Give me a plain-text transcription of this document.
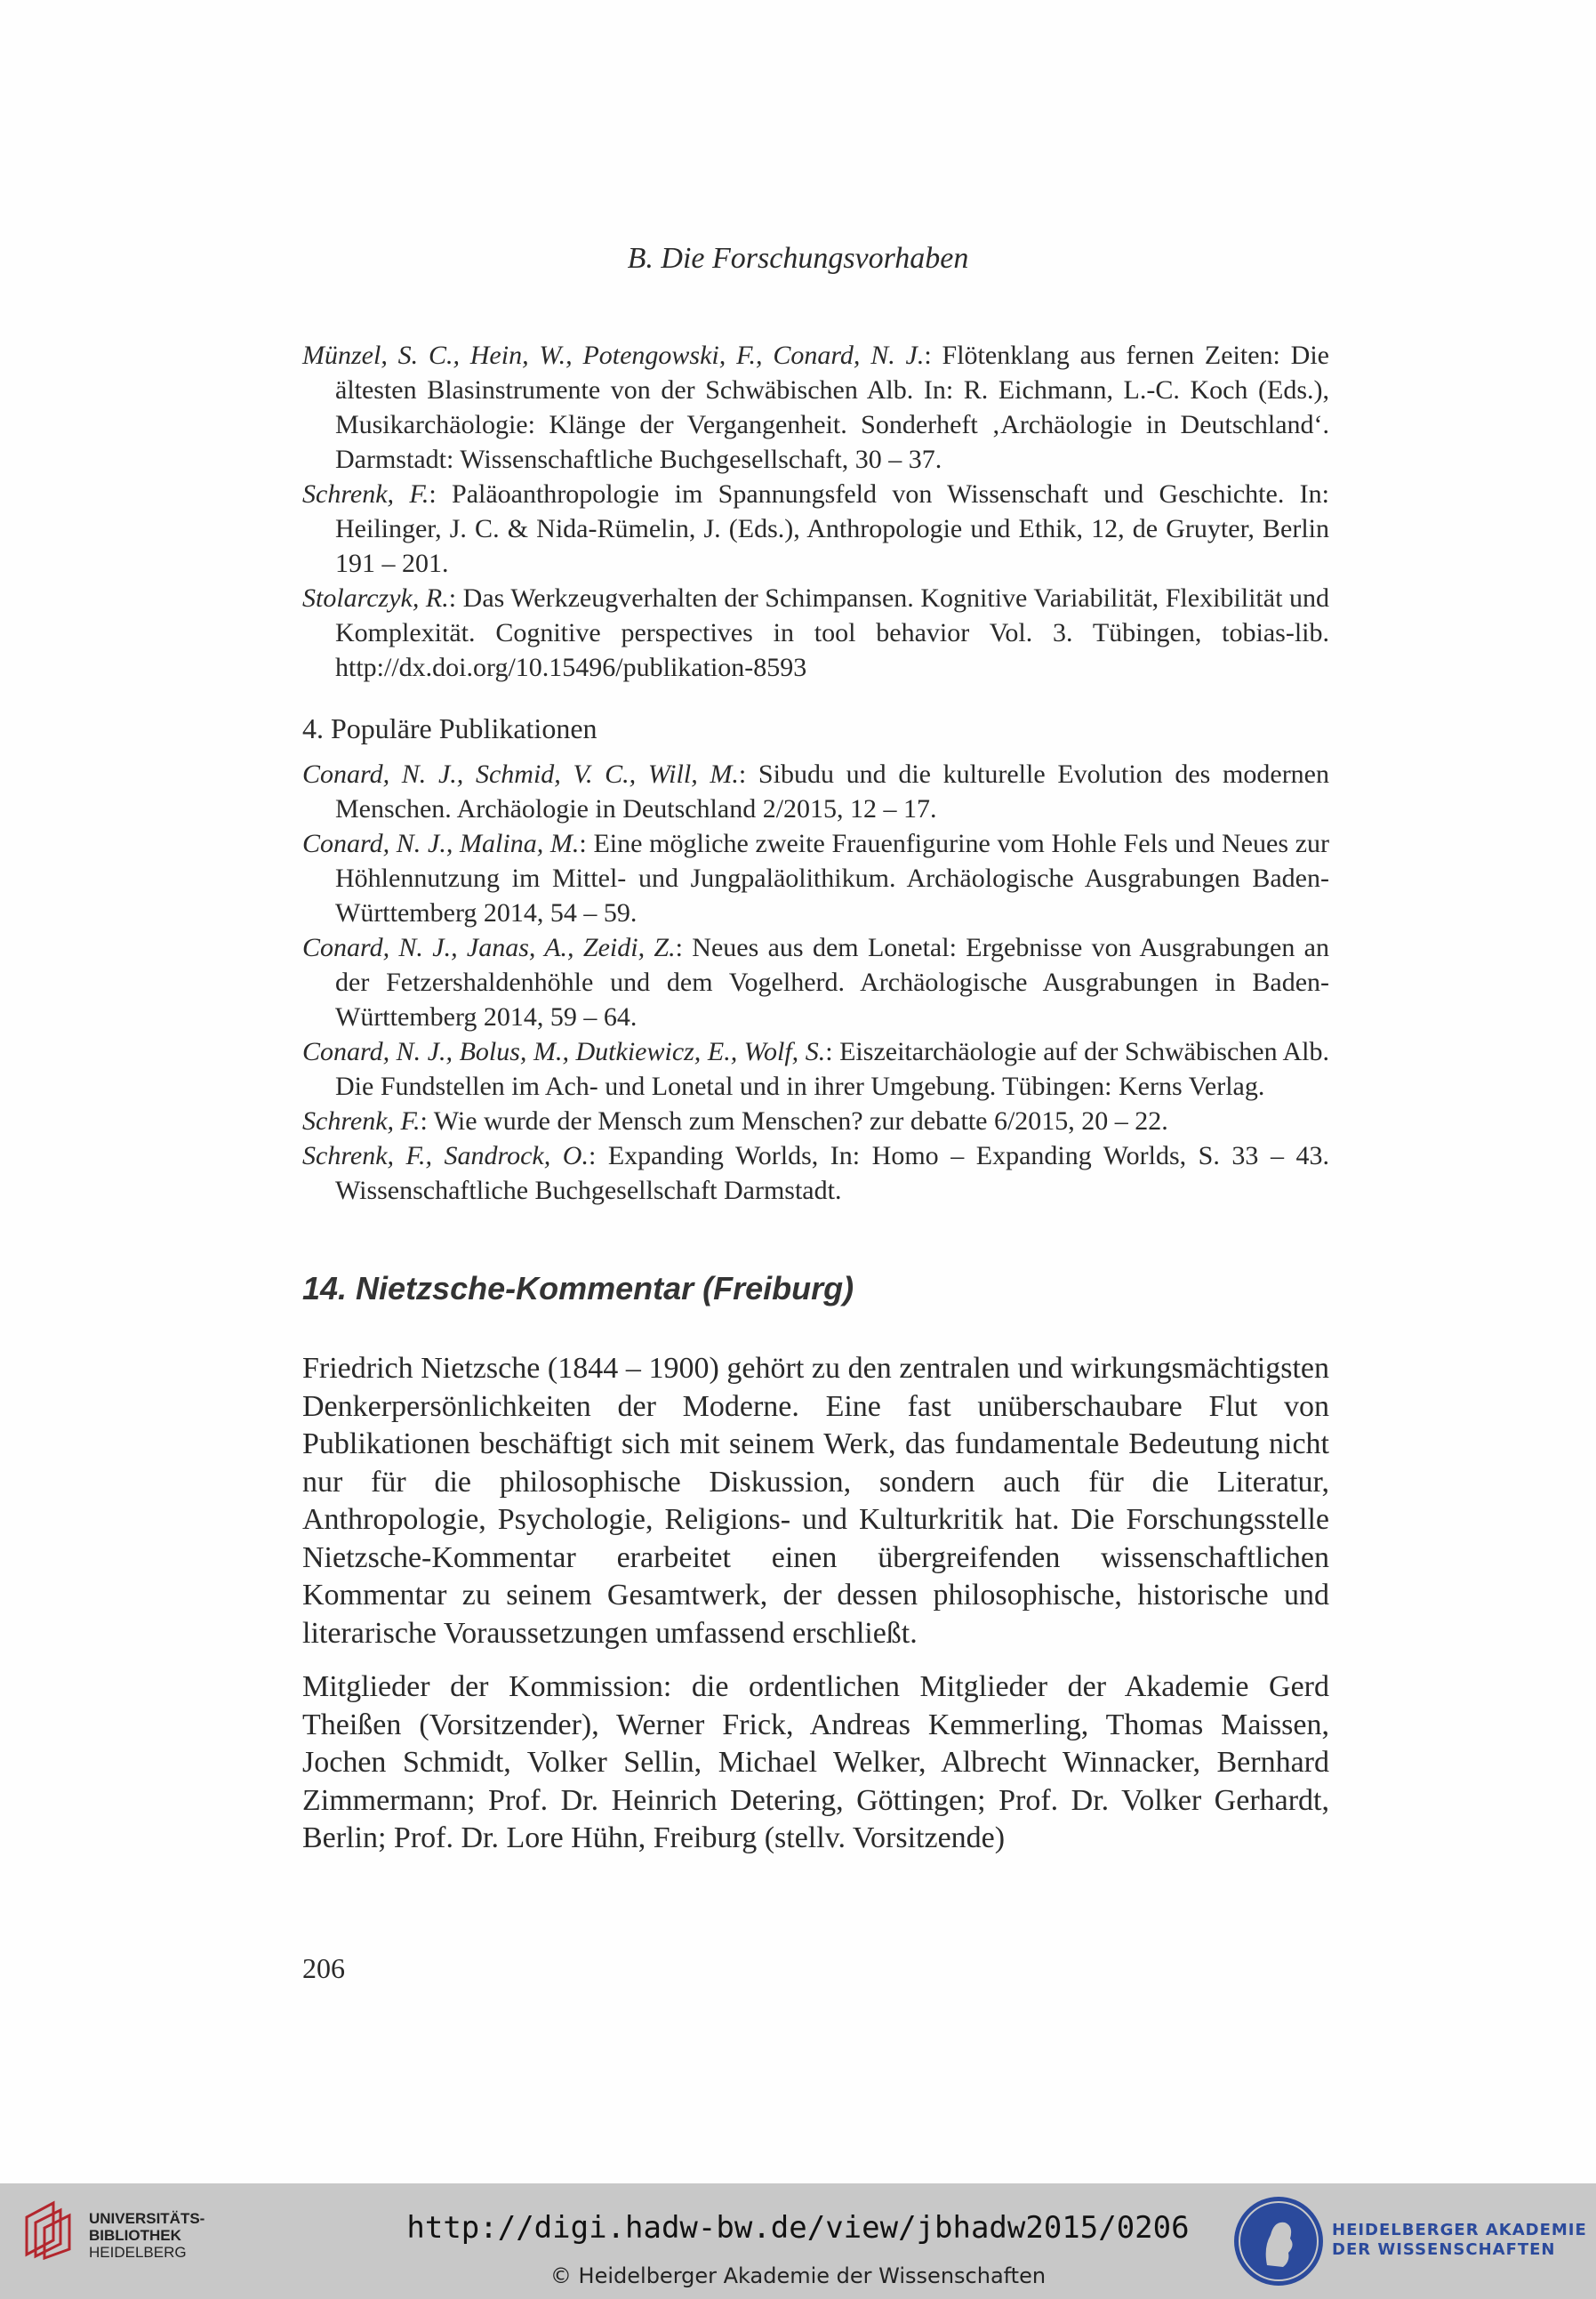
B. Die Forschungsvorhaben

Münzel, S. C., Hein, W., Potengowski, F., Conard, N. J.: Flötenklang aus fernen Zeiten: Die ältesten Blasinstrumente von der Schwäbischen Alb. In: R. Eichmann, L.-C. Koch (Eds.), Musikarchäologie: Klänge der Vergangenheit. Sonderheft ‚Archäologie in Deutschland‘. Darmstadt: Wissenschaftliche Buchgesellschaft, 30 – 37.

Schrenk, F.: Paläoanthropologie im Spannungsfeld von Wissenschaft und Geschichte. In: Heilinger, J. C. & Nida-Rümelin, J. (Eds.), Anthropologie und Ethik, 12, de Gruyter, Berlin 191 – 201.

Stolarczyk, R.: Das Werkzeugverhalten der Schimpansen. Kognitive Variabilität, Flexibilität und Komplexität. Cognitive perspectives in tool behavior Vol. 3. Tübingen, tobias-lib. http://dx.doi.org/10.15496/publikation-8593

4. Populäre Publikationen

Conard, N. J., Schmid, V. C., Will, M.: Sibudu und die kulturelle Evolution des modernen Menschen. Archäologie in Deutschland 2/2015, 12 – 17.

Conard, N. J., Malina, M.: Eine mögliche zweite Frauenfigurine vom Hohle Fels und Neues zur Höhlennutzung im Mittel- und Jungpaläolithikum. Archäologische Ausgrabungen Baden-Württemberg 2014, 54 – 59.

Conard, N. J., Janas, A., Zeidi, Z.: Neues aus dem Lonetal: Ergebnisse von Ausgrabungen an der Fetzershaldenhöhle und dem Vogelherd. Archäologische Ausgrabungen in Baden-Württemberg 2014, 59 – 64.

Conard, N. J., Bolus, M., Dutkiewicz, E., Wolf, S.: Eiszeitarchäologie auf der Schwäbischen Alb. Die Fundstellen im Ach- und Lonetal und in ihrer Umgebung. Tübingen: Kerns Verlag.

Schrenk, F.: Wie wurde der Mensch zum Menschen? zur debatte 6/2015, 20 – 22.

Schrenk, F., Sandrock, O.: Expanding Worlds, In: Homo – Expanding Worlds, S. 33 – 43. Wissenschaftliche Buchgesellschaft Darmstadt.

14. Nietzsche-Kommentar (Freiburg)

Friedrich Nietzsche (1844 – 1900) gehört zu den zentralen und wirkungsmächtigsten Denkerpersönlichkeiten der Moderne. Eine fast unüberschaubare Flut von Publikationen beschäftigt sich mit seinem Werk, das fundamentale Bedeutung nicht nur für die philosophische Diskussion, sondern auch für die Literatur, Anthropologie, Psychologie, Religions- und Kulturkritik hat. Die Forschungsstelle Nietzsche-Kommentar erarbeitet einen übergreifenden wissenschaftlichen Kommentar zu seinem Gesamtwerk, der dessen philosophische, historische und literarische Voraussetzungen umfassend erschließt.

Mitglieder der Kommission: die ordentlichen Mitglieder der Akademie Gerd Theißen (Vorsitzender), Werner Frick, Andreas Kemmerling, Thomas Maissen, Jochen Schmidt, Volker Sellin, Michael Welker, Albrecht Winnacker, Bernhard Zimmermann; Prof. Dr. Heinrich Detering, Göttingen; Prof. Dr. Volker Gerhardt, Berlin; Prof. Dr. Lore Hühn, Freiburg (stellv. Vorsitzende)

206
UNIVERSITÄTS-
BIBLIOTHEK
HEIDELBERG
http://digi.hadw-bw.de/view/jbhadw2015/0206
© Heidelberger Akademie der Wissenschaften
HEIDELBERGER AKADEMIE
DER WISSENSCHAFTEN
